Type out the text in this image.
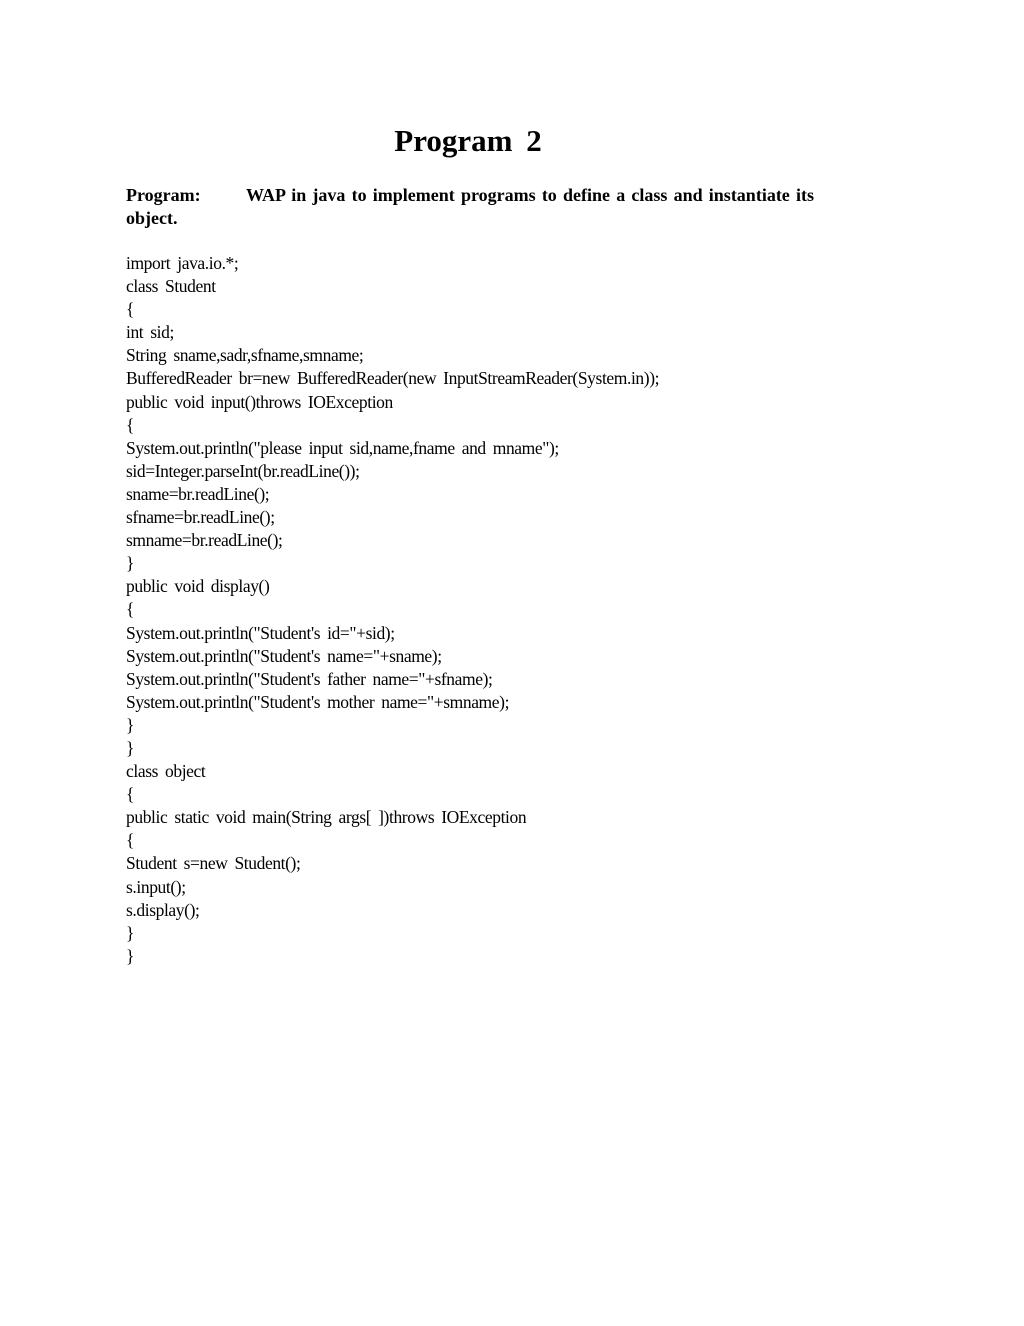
Program 2

Program:	WAP in java to implement programs to define a class and instantiate its object.

import java.io.*;
class Student
{
int sid;
String sname,sadr,sfname,smname;
BufferedReader br=new BufferedReader(new InputStreamReader(System.in));
public void input()throws IOException
{
System.out.println("please input sid,name,fname and mname");
sid=Integer.parseInt(br.readLine());
sname=br.readLine();
sfname=br.readLine();
smname=br.readLine();
}
public void display()
{
System.out.println("Student's id="+sid);
System.out.println("Student's name="+sname);
System.out.println("Student's father name="+sfname);
System.out.println("Student's mother name="+smname);
}
}
class object
{
public static void main(String args[ ])throws IOException
{
Student s=new Student();
s.input();
s.display();
}
}
